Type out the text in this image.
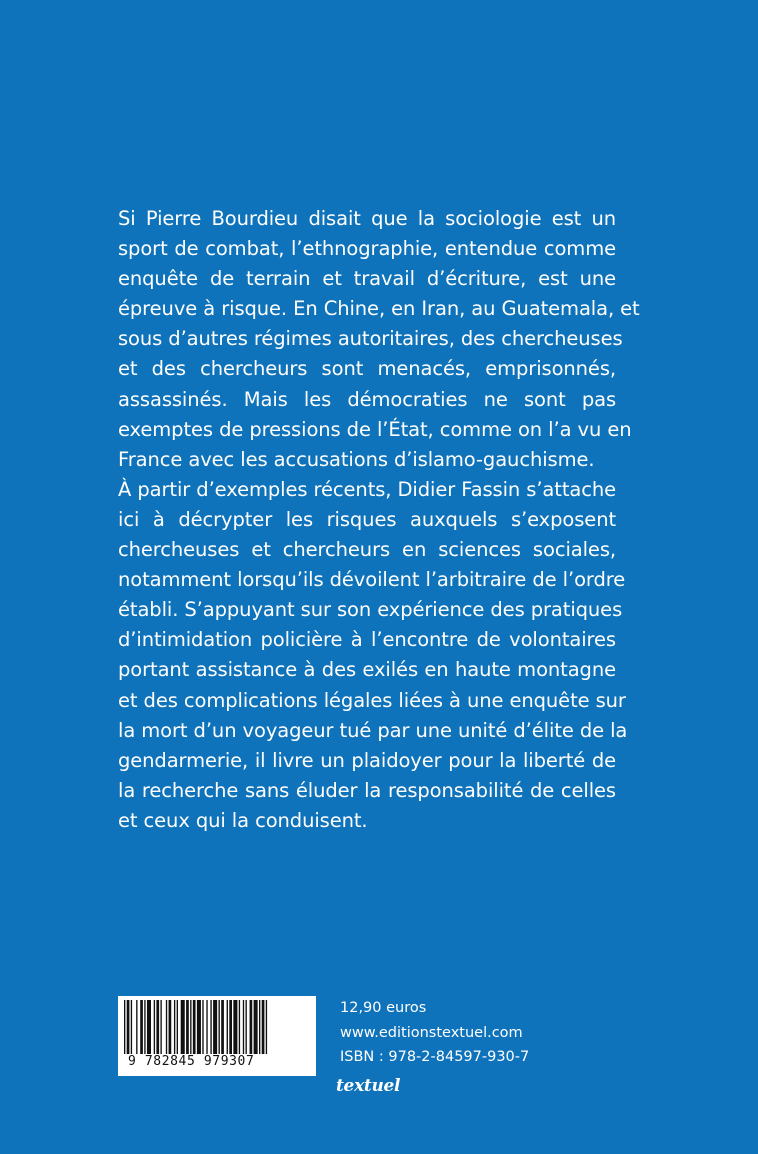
Si Pierre Bourdieu disait que la sociologie est un
sport de combat, l’ethnographie, entendue comme
enquête de terrain et travail d’écriture, est une
épreuve à risque. En Chine, en Iran, au Guatemala, et
sous d’autres régimes autoritaires, des chercheuses
et des chercheurs sont menacés, emprisonnés,
assassinés. Mais les démocraties ne sont pas
exemptes de pressions de l’État, comme on l’a vu en
France avec les accusations d’islamo-gauchisme.
À partir d’exemples récents, Didier Fassin s’attache
ici à décrypter les risques auxquels s’exposent
chercheuses et chercheurs en sciences sociales,
notamment lorsqu’ils dévoilent l’arbitraire de l’ordre
établi. S’appuyant sur son expérience des pratiques
d’intimidation policière à l’encontre de volontaires
portant assistance à des exilés en haute montagne
et des complications légales liées à une enquête sur
la mort d’un voyageur tué par une unité d’élite de la
gendarmerie, il livre un plaidoyer pour la liberté de
la recherche sans éluder la responsabilité de celles
et ceux qui la conduisent.
9 782845 979307
12,90 euros
www.editionstextuel.com
ISBN : 978-2-84597-930-7
textuel
